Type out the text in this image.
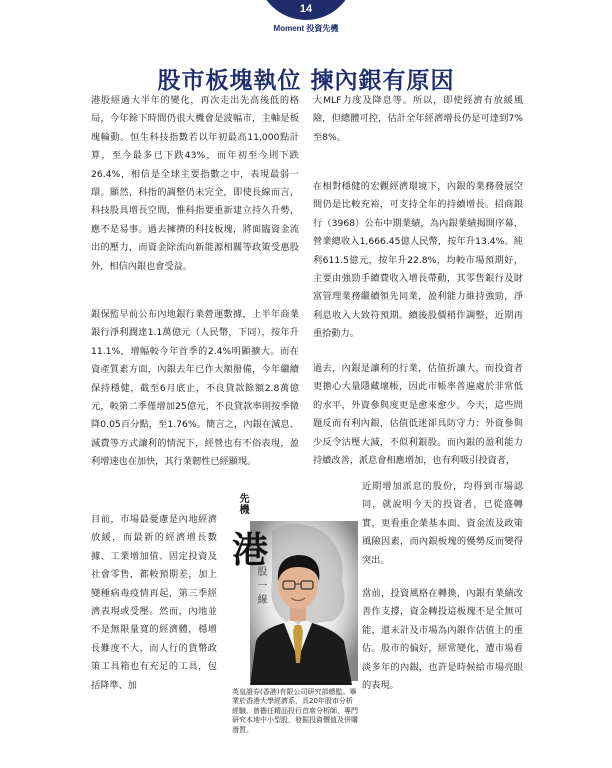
14
Moment 投資先機
股市板塊執位 揀內銀有原因

港股經過大半年的變化，再次走出先高後低的格局，今年餘下時間仍很大機會是波幅市，主軸是板塊輪動。恒生科技指數若以年初最高11,000點計算，至今最多已下跌43%，而年初至今則下跌26.4%，相信是全球主要指數之中，表現最弱一環。顯然，科指的調整仍未完全，即使長線而言，科技股具增長空間，惟科指要重新建立持久升勢，應不是易事。過去擁擠的科技板塊，將面臨資金流出的壓力，而資金除流向新能源相關等政策受惠股外，相信內銀也會受益。

銀保監早前公布內地銀行業營運數據，上半年商業銀行淨利潤達1.1萬億元（人民幣，下同），按年升11.1%，增幅較今年首季的2.4%明顯擴大。而在資產質素方面，內銀去年已作大額撥備，今年繼續保持穩健，截至6月底止，不良貸款餘額2.8萬億元，較第二季僅增加25億元，不良貸款率則按季微降0.05百分點，至1.76%。簡言之，內銀在減息、減費等方式讓利的情況下，經營也有不俗表現，盈利增速也在加快，其行業韌性已經顯現。

目前，市場最憂慮是內地經濟放緩，而最新的經濟增長數據、工業增加值、固定投資及社會零售，都較預期差，加上變種病毒疫情再起，第三季經濟表現或受壓。然而，內地並不是無限量寬的經濟體，穩增長難度不大，而人行的貨幣政策工具箱也有充足的工具，包括降準、加

大MLF力度及降息等。所以，即使經濟有放緩風險，但總體可控，估計全年經濟增長仍是可達到7%至8%。

在相對穩健的宏觀經濟環境下，內銀的業務發展空間仍是比較充裕，可支持全年的持續增長。招商銀行（3968）公布中期業績，為內銀業績揭開序幕，營業總收入1,666.45億人民幣，按年升13.4%。純利611.5億元，按年升22.8%，均較市場預期好，主要由強勁手續費收入增長帶動，其零售銀行及財富管理業務繼續領先同業，盈利能力維持強勁，淨利息收入大致符預期。續後股價稍作調整，近期再重拾動力。

過去，內銀是讓利的行業，估值折讓大，而投資者更擔心大量隱藏壞帳，因此市帳率普遍處於非常低的水平，外資參與度更是愈來愈少。今天，這些問題反而有利內銀，估值低迷卻具防守力；外資參與少反令沽壓大減，不似利銀股。而內銀的盈利能力持續改善，派息會相應增加，也有利吸引投資者，

近期增加派息的股份，均得到市場認同，就說明今天的投資者，已從盛轉實，更看重企業基本面、資金流及政策風險因素，而內銀板塊的優勢反而變得突出。

當前，投資風格在轉換，內銀有業績改善作支撐，資金轉投這板塊不是全無可能，還未計及市場為內銀作估值上的重估。股市的偏好，經常變化，遭市場看淡多年的內銀，也許是時候給市場亮眼的表現。

先機
港
股一線

英皇證券(香港)有限公司研究部總監。畢業於香港大學經濟系，具20年股市分析經驗，曾擔任精品投行首席分析師，專門研究本地中小型股，發掘投資價值及併購潛質。
